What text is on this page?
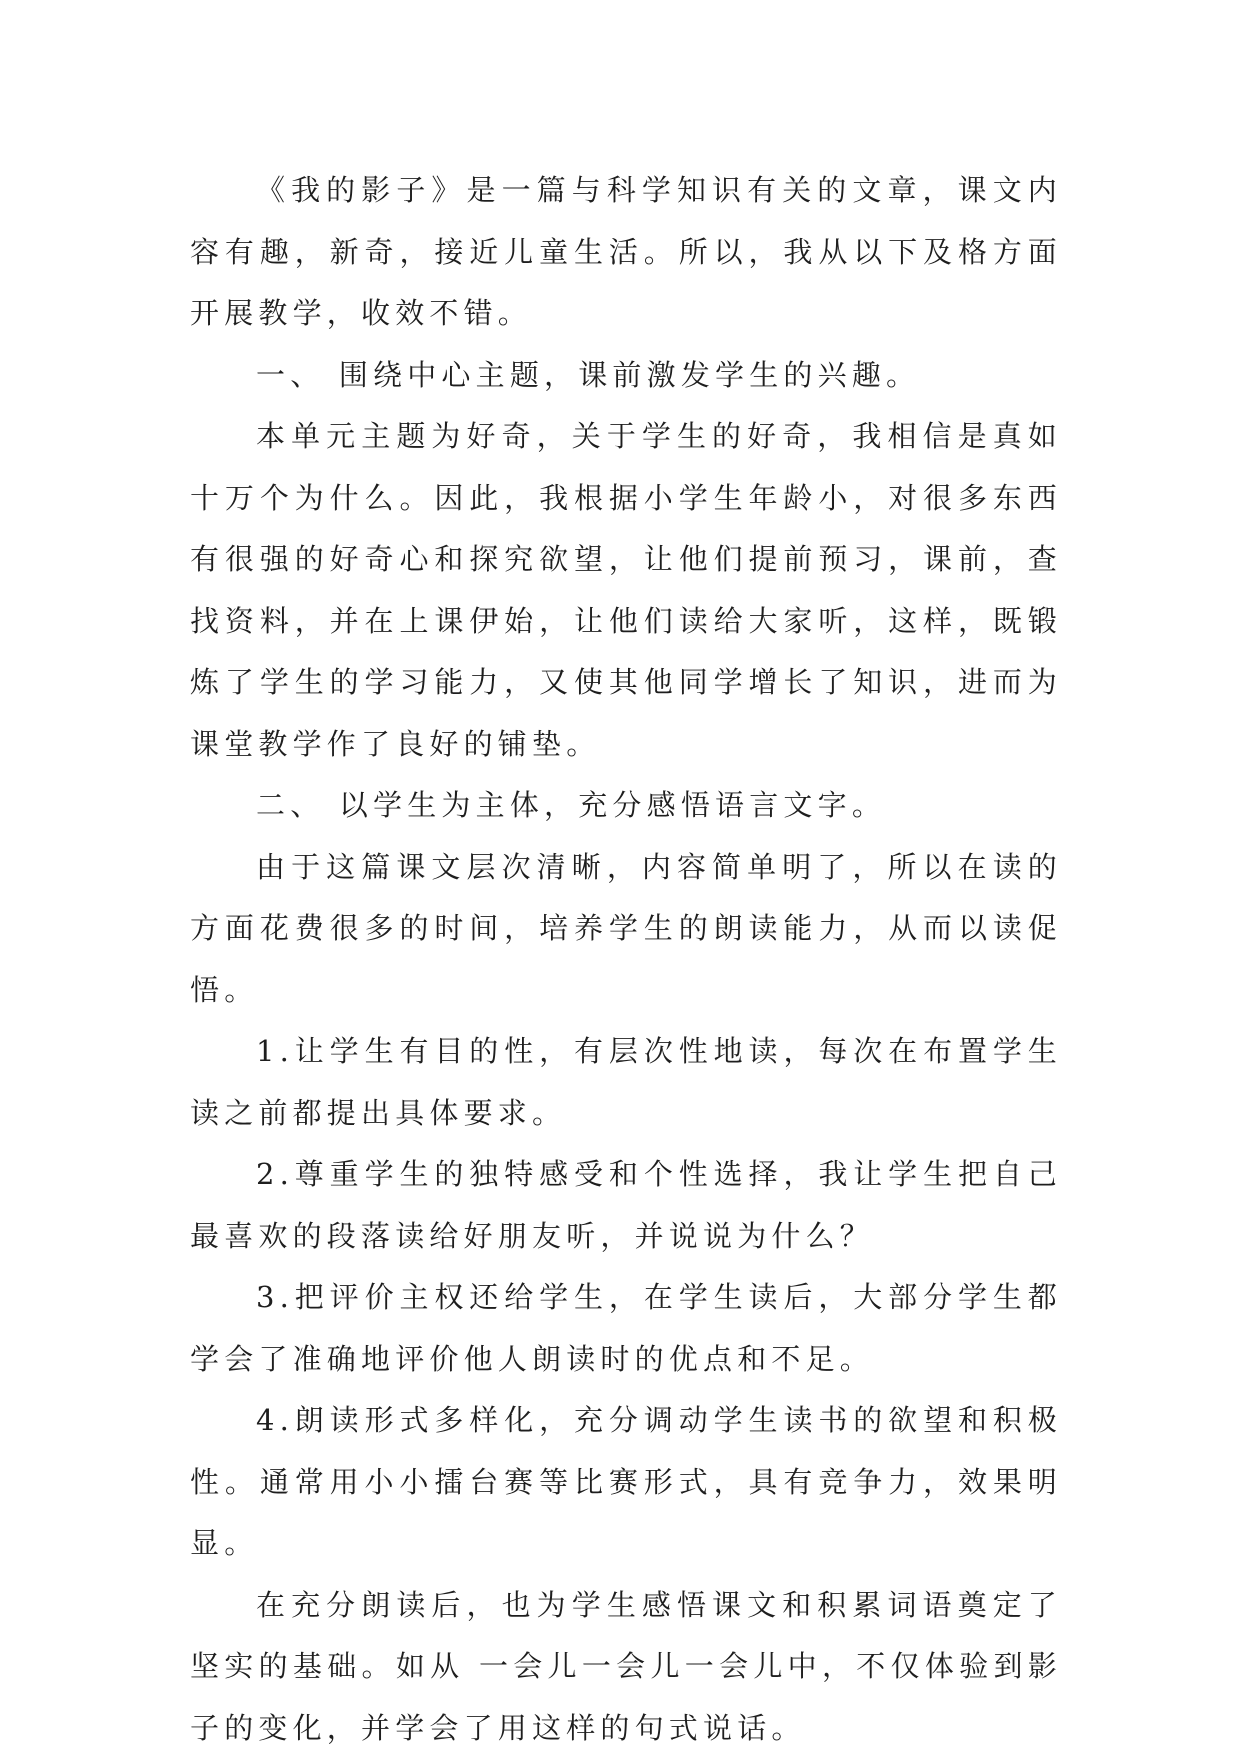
《我的影子》是一篇与科学知识有关的文章，课文内容有趣，新奇，接近儿童生活。所以，我从以下及格方面开展教学，收效不错。

一、 围绕中心主题，课前激发学生的兴趣。

本单元主题为好奇，关于学生的好奇，我相信是真如十万个为什么。因此，我根据小学生年龄小，对很多东西有很强的好奇心和探究欲望，让他们提前预习，课前，查找资料，并在上课伊始，让他们读给大家听，这样，既锻炼了学生的学习能力，又使其他同学增长了知识，进而为课堂教学作了良好的铺垫。

二、 以学生为主体，充分感悟语言文字。

由于这篇课文层次清晰，内容简单明了，所以在读的方面花费很多的时间，培养学生的朗读能力，从而以读促悟。

1.让学生有目的性，有层次性地读，每次在布置学生读之前都提出具体要求。

2.尊重学生的独特感受和个性选择，我让学生把自己最喜欢的段落读给好朋友听，并说说为什么？

3.把评价主权还给学生，在学生读后，大部分学生都学会了准确地评价他人朗读时的优点和不足。

4.朗读形式多样化，充分调动学生读书的欲望和积极性。通常用小小擂台赛等比赛形式，具有竞争力，效果明显。

在充分朗读后，也为学生感悟课文和积累词语奠定了坚实的基础。如从 一会儿一会儿一会儿中，不仅体验到影子的变化，并学会了用这样的句式说话。
